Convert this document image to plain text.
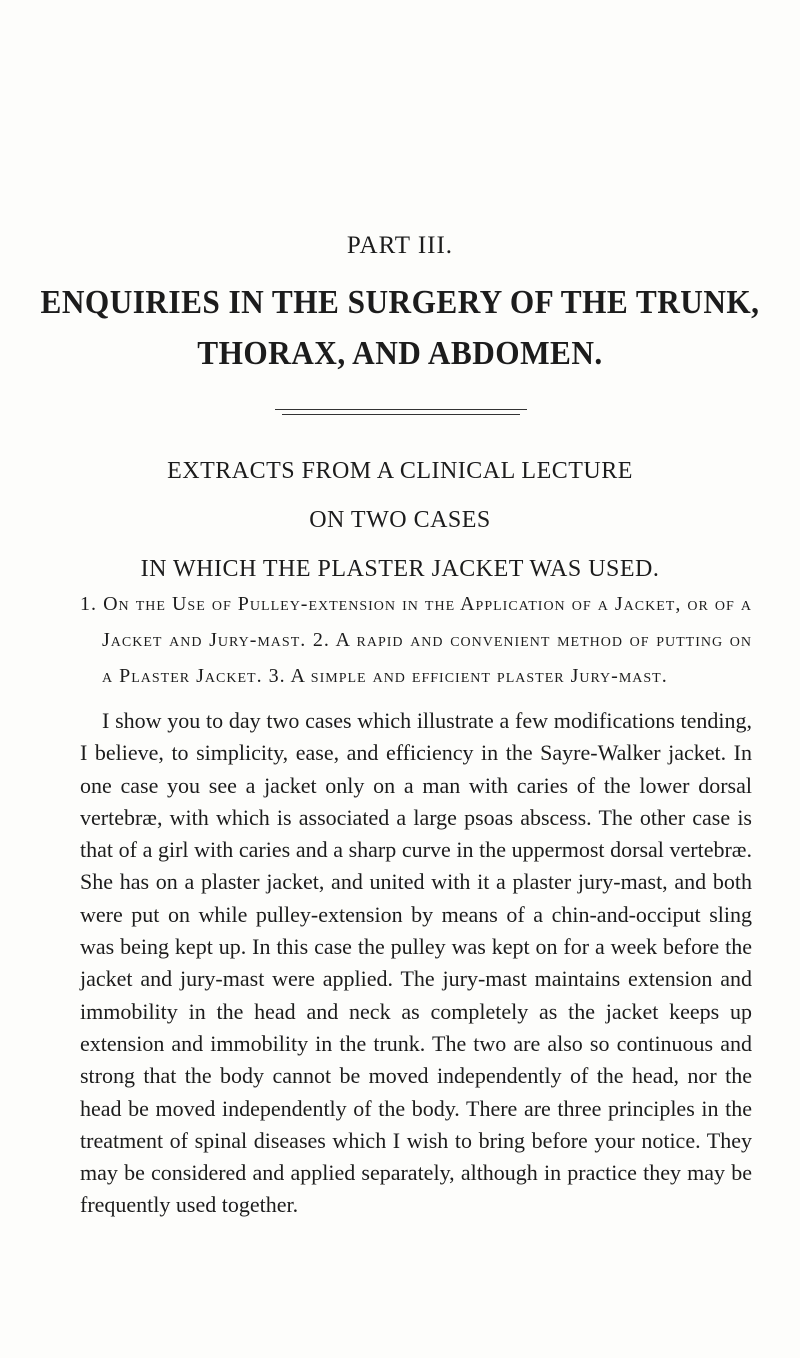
PART III.
ENQUIRIES IN THE SURGERY OF THE TRUNK,
THORAX, AND ABDOMEN.
EXTRACTS FROM A CLINICAL LECTURE
ON TWO CASES
IN WHICH THE PLASTER JACKET WAS USED.
1. On the Use of Pulley-extension in the Application of a Jacket, or of a Jacket and Jury-mast. 2. A rapid and convenient method of putting on a Plaster Jacket. 3. A simple and efficient plaster Jury-mast.

I show you to day two cases which illustrate a few modifications tending, I believe, to simplicity, ease, and efficiency in the Sayre-Walker jacket. In one case you see a jacket only on a man with caries of the lower dorsal vertebræ, with which is associated a large psoas abscess. The other case is that of a girl with caries and a sharp curve in the uppermost dorsal vertebræ. She has on a plaster jacket, and united with it a plaster jury-mast, and both were put on while pulley-extension by means of a chin-and-occiput sling was being kept up. In this case the pulley was kept on for a week before the jacket and jury-mast were applied. The jury-mast maintains extension and immobility in the head and neck as completely as the jacket keeps up extension and immobility in the trunk. The two are also so continuous and strong that the body cannot be moved independently of the head, nor the head be moved independently of the body. There are three principles in the treatment of spinal diseases which I wish to bring before your notice. They may be considered and applied separately, although in practice they may be frequently used together.
